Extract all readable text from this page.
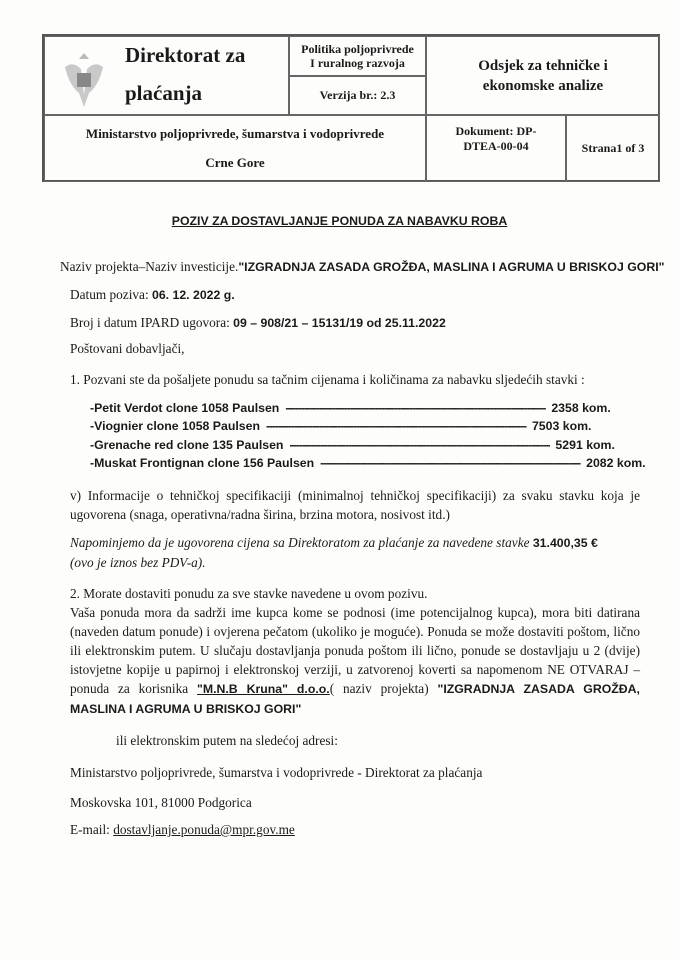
Direktorat za
plaćanja
Politika poljoprivrede I ruralnog razvoja
Verzija br.: 2.3
Odsjek za tehničke i ekonomske analize
Ministarstvo poljoprivrede, šumarstva i vodoprivrede
Crne Gore
Dokument: DP-DTEA-00-04	Strana1 of 3
POZIV ZA DOSTAVLJANJE PONUDA ZA NABAVKU ROBA
Naziv projekta–Naziv investicije."IZGRADNJA ZASADA GROŽĐA, MASLINA I AGRUMA U BRISKOJ GORI"
Datum poziva: 06. 12. 2022 g.
Broj i datum IPARD ugovora: 09 – 908/21 – 15131/19 od 25.11.2022
Poštovani dobavljači,
1. Pozvani ste da pošaljete ponudu sa tačnim cijenama i količinama za nabavku sljedećih stavki :
- Petit Verdot clone 1058 Paulsen ------------------------------------------------------------------------------------ 2358 kom.
- Viognier clone 1058 Paulsen ------------------------------------------------------------------------------------ 7503 kom.
- Grenache red clone 135 Paulsen ------------------------------------------------------------------------------------ 5291 kom.
- Muskat Frontignan clone 156 Paulsen ------------------------------------------------------------------------------------ 2082 kom.

v) Informacije o tehničkoj specifikaciji (minimalnoj tehničkoj specifikaciji) za svaku stavku koja je ugovorena (snaga, operativna/radna širina, brzina motora, nosivost itd.)

Napominjemo da je ugovorena cijena sa Direktoratom za plaćanje za navedene stavke 31.400,35 €
(ovo je iznos bez PDV-a).

2. Morate dostaviti ponudu za sve stavke navedene u ovom pozivu.

Vaša ponuda mora da sadrži ime kupca kome se podnosi (ime potencijalnog kupca), mora biti datirana (naveden datum ponude) i ovjerena pečatom (ukoliko je moguće). Ponuda se može dostaviti poštom, lično ili elektronskim putem. U slučaju dostavljanja ponuda poštom ili lično, ponude se dostavljaju u 2 (dvije) istovjetne kopije u papirnoj i elektronskoj verziji, u zatvorenoj koverti sa napomenom NE OTVARAJ – ponuda za korisnika "M.N.B Kruna" d.o.o.( naziv projekta) "IZGRADNJA ZASADA GROŽĐA, MASLINA I AGRUMA U BRISKOJ GORI"

ili elektronskim putem na sledećoj adresi:

Ministarstvo poljoprivrede, šumarstva i vodoprivrede - Direktorat za plaćanja

Moskovska 101, 81000 Podgorica

E-mail: dostavljanje.ponuda@mpr.gov.me
